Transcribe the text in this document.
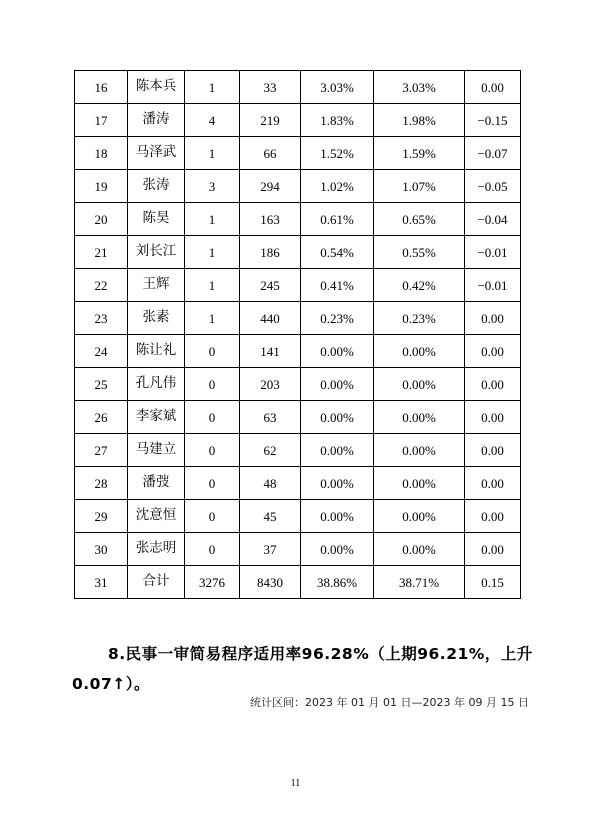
16	陈本兵	1	33	3.03%	3.03%	0.00
17	潘涛	4	219	1.83%	1.98%	−0.15
18	马泽武	1	66	1.52%	1.59%	−0.07
19	张涛	3	294	1.02%	1.07%	−0.05
20	陈昊	1	163	0.61%	0.65%	−0.04
21	刘长江	1	186	0.54%	0.55%	−0.01
22	王辉	1	245	0.41%	0.42%	−0.01
23	张素	1	440	0.23%	0.23%	0.00
24	陈让礼	0	141	0.00%	0.00%	0.00
25	孔凡伟	0	203	0.00%	0.00%	0.00
26	李家斌	0	63	0.00%	0.00%	0.00
27	马建立	0	62	0.00%	0.00%	0.00
28	潘弢	0	48	0.00%	0.00%	0.00
29	沈意恒	0	45	0.00%	0.00%	0.00
30	张志明	0	37	0.00%	0.00%	0.00
31	合计	3276	8430	38.86%	38.71%	0.15
8.民事一审简易程序适用率96.28%（上期96.21%，上升0.07↑）。
统计区间：2023 年 01 月 01 日—2023 年 09 月 15 日
11
